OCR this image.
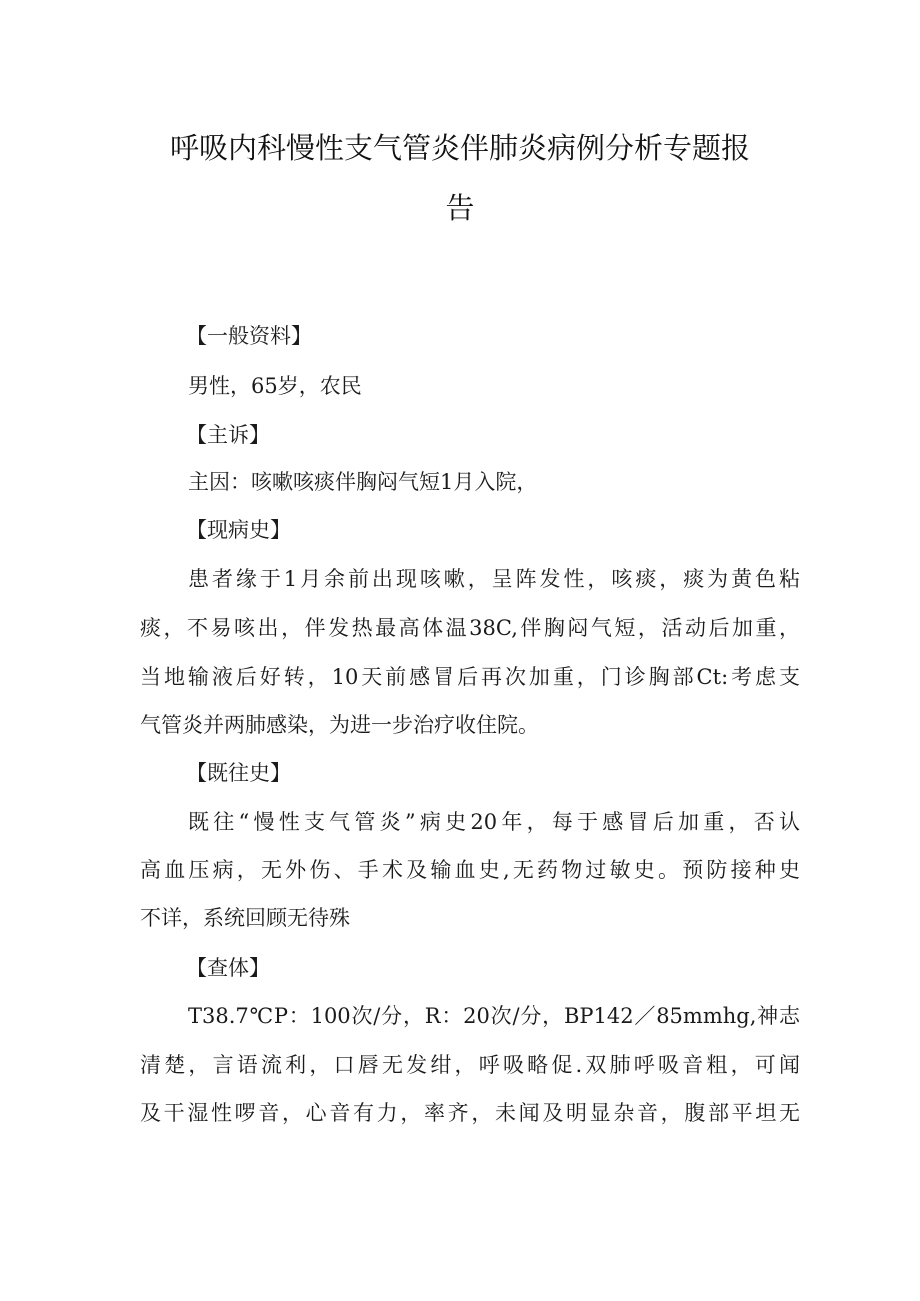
呼吸内科慢性支气管炎伴肺炎病例分析专题报
告
【一般资料】
男性，65岁，农民
【主诉】
主因：咳嗽咳痰伴胸闷气短1月入院，
【现病史】
患者缘于1月余前出现咳嗽，呈阵发性，咳痰，痰为黄色粘
痰，不易咳出，伴发热最高体温38C,伴胸闷气短，活动后加重，
当地输液后好转，10天前感冒后再次加重，门诊胸部Ct:考虑支
气管炎并两肺感染，为进一步治疗收住院。
【既往史】
既往“慢性支气管炎”病史20年，每于感冒后加重，否认
高血压病，无外伤、手术及输血史,无药物过敏史。预防接种史
不详，系统回顾无待殊
【查体】
T38.7℃P：100次/分，R：20次/分，BP142／85mmhg,神志
清楚，言语流利，口唇无发绀，呼吸略促.双肺呼吸音粗，可闻
及干湿性啰音，心音有力，率齐，未闻及明显杂音，腹部平坦无
